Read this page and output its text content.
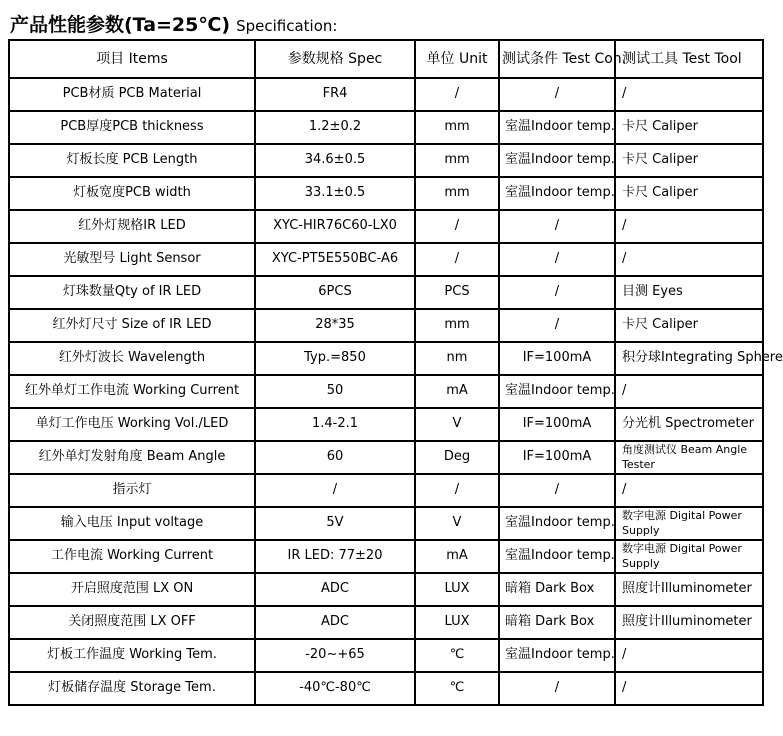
产品性能参数(Ta=25℃) Specification:
项目 Items	参数规格 Spec	单位 Unit	测试条件 Test Con.	测试工具 Test Tool
PCB材质 PCB Material	FR4	/	/	/
PCB厚度PCB thickness	1.2±0.2	mm	室温Indoor temp.	卡尺 Caliper
灯板长度 PCB Length	34.6±0.5	mm	室温Indoor temp.	卡尺 Caliper
灯板宽度PCB width	33.1±0.5	mm	室温Indoor temp.	卡尺 Caliper
红外灯规格IR LED	XYC-HIR76C60-LX0	/	/	/
光敏型号 Light Sensor	XYC-PT5E550BC-A6	/	/	/
灯珠数量Qty of IR LED	6PCS	PCS	/	目测 Eyes
红外灯尺寸 Size of IR LED	28*35	mm	/	卡尺 Caliper
红外灯波长 Wavelength	Typ.=850	nm	IF=100mA	积分球Integrating Sphere
红外单灯工作电流 Working Current	50	mA	室温Indoor temp.	/
单灯工作电压 Working Vol./LED	1.4-2.1	V	IF=100mA	分光机 Spectrometer
红外单灯发射角度 Beam Angle	60	Deg	IF=100mA	角度测试仪 Beam Angle Tester
指示灯	/	/	/	/
输入电压 Input voltage	5V	V	室温Indoor temp.	数字电源 Digital Power Supply
工作电流 Working Current	IR LED: 77±20	mA	室温Indoor temp.	数字电源 Digital Power Supply
开启照度范围 LX ON	ADC	LUX	暗箱 Dark Box	照度计Illuminometer
关闭照度范围 LX OFF	ADC	LUX	暗箱 Dark Box	照度计Illuminometer
灯板工作温度 Working Tem.	-20~+65	℃	室温Indoor temp.	/
灯板储存温度 Storage Tem.	-40℃-80℃	℃	/	/
